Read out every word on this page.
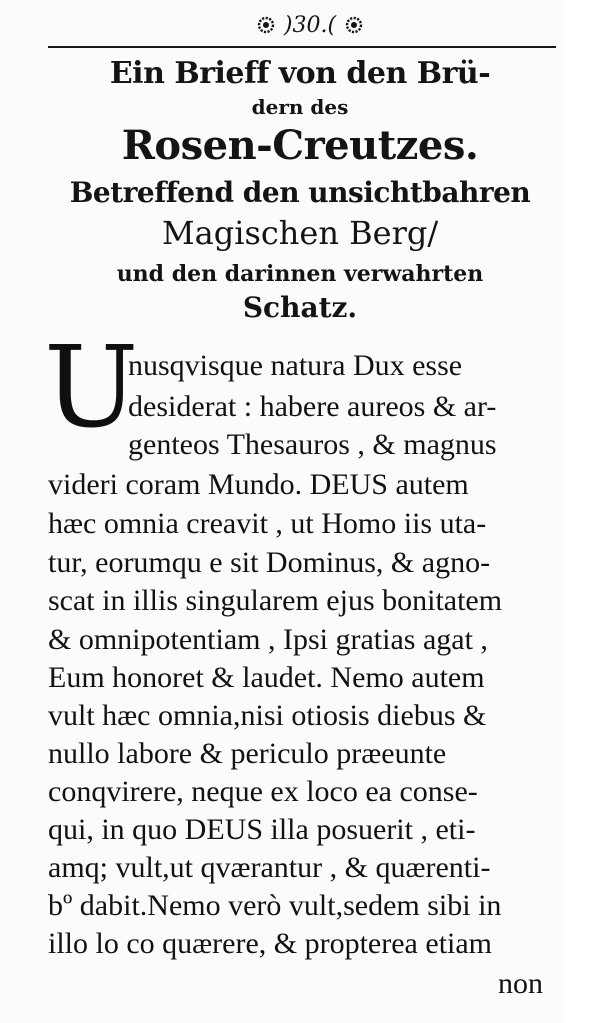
)30.(
Ein Brieff von den Brü-
dern des
Rosen-Creutzes.
Betreffend den unsichtbahren
Magischen Berg/
und den darinnen verwahrten
Schatz.
U
nusqvisque natura Dux esse
desiderat : habere aureos & ar-
genteos Thesauros , & magnus
videri coram Mundo. DEUS autem
hæc omnia creavit , ut Homo iis uta-
tur, eorumqu e sit Dominus, & agno-
scat in illis singularem ejus bonitatem
& omnipotentiam , Ipsi gratias agat ,
Eum honoret & laudet. Nemo autem
vult hæc omnia,nisi otiosis diebus &
nullo labore & periculo præeunte
conqvirere, neque ex loco ea conse-
qui, in quo DEUS illa posuerit , eti-
amq; vult,ut qværantur , & quærenti-
bº dabit.Nemo verò vult,sedem sibi in
illo lo co quærere, & propterea etiam
non
